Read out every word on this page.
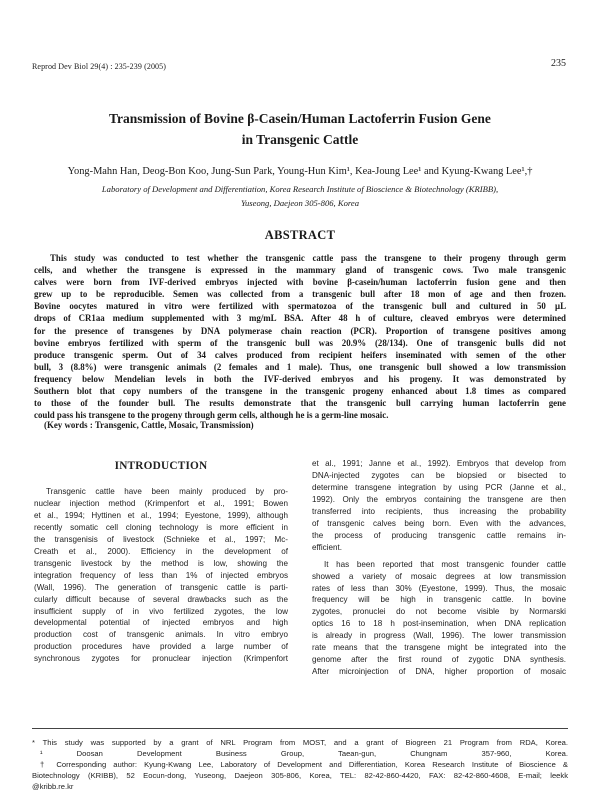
Reprod Dev Biol 29(4) : 235-239 (2005)	235
Transmission of Bovine β-Casein/Human Lactoferrin Fusion Gene
in Transgenic Cattle
Yong-Mahn Han, Deog-Bon Koo, Jung-Sun Park, Young-Hun Kim¹, Kea-Joung Lee¹ and Kyung-Kwang Lee¹,†
Laboratory of Development and Differentiation, Korea Research Institute of Bioscience & Biotechnology (KRIBB),
Yuseong, Daejeon 305-806, Korea
ABSTRACT
This study was conducted to test whether the transgenic cattle pass the transgene to their progeny through germ
cells, and whether the transgene is expressed in the mammary gland of transgenic cows. Two male transgenic
calves were born from IVF-derived embryos injected with bovine β-casein/human lactoferrin fusion gene and then
grew up to be reproducible. Semen was collected from a transgenic bull after 18 mon of age and then frozen.
Bovine oocytes matured in vitro were fertilized with spermatozoa of the transgenic bull and cultured in 50 μL
drops of CR1aa medium supplemented with 3 mg/mL BSA. After 48 h of culture, cleaved embryos were determined
for the presence of transgenes by DNA polymerase chain reaction (PCR). Proportion of transgene positives among
bovine embryos fertilized with sperm of the transgenic bull was 20.9% (28/134). One of transgenic bulls did not
produce transgenic sperm. Out of 34 calves produced from recipient heifers inseminated with semen of the other
bull, 3 (8.8%) were transgenic animals (2 females and 1 male). Thus, one transgenic bull showed a low transmission
frequency below Mendelian levels in both the IVF-derived embryos and his progeny. It was demonstrated by
Southern blot that copy numbers of the transgene in the transgenic progeny enhanced about 1.8 times as compared
to those of the founder bull. The results demonstrate that the transgenic bull carrying human lactoferrin gene
could pass his transgene to the progeny through germ cells, although he is a germ-line mosaic.
(Key words : Transgenic, Cattle, Mosaic, Transmission)
INTRODUCTION
Transgenic cattle have been mainly produced by pro-
nuclear injection method (Krimpenfort et al., 1991; Bowen
et al., 1994; Hyttinen et al., 1994; Eyestone, 1999), although
recently somatic cell cloning technology is more efficient in
the transgenisis of livestock (Schnieke et al., 1997; Mc-
Creath et al., 2000). Efficiency in the development of
transgenic livestock by the method is low, showing the
integration frequency of less than 1% of injected embryos
(Wall, 1996). The generation of transgenic cattle is parti-
cularly difficult because of several drawbacks such as the
insufficient supply of in vivo fertilized zygotes, the low
developmental potential of injected embryos and high
production cost of transgenic animals. In vitro embryo
production procedures have provided a large number of
synchronous zygotes for pronuclear injection (Krimpenfort
et al., 1991; Janne et al., 1992). Embryos that develop from
DNA-injected zygotes can be biopsied or bisected to
determine transgene integration by using PCR (Janne et al.,
1992). Only the embryos containing the transgene are then
transferred into recipients, thus increasing the probability
of transgenic calves being born. Even with the advances,
the process of producing transgenic cattle remains in-
efficient.
It has been reported that most transgenic founder cattle
showed a variety of mosaic degrees at low transmission
rates of less than 30% (Eyestone, 1999). Thus, the mosaic
frequency will be high in transgenic cattle. In bovine
zygotes, pronuclei do not become visible by Normarski
optics 16 to 18 h post-insemination, when DNA replication
is already in progress (Wall, 1996). The lower transmission
rate means that the transgene might be integrated into the
genome after the first round of zygotic DNA synthesis.
After microinjection of DNA, higher proportion of mosaic
* This study was supported by a grant of NRL Program from MOST, and a grant of Biogreen 21 Program from RDA, Korea.
¹ Doosan Development Business Group, Taean-gun, Chungnam 357-960, Korea.
† Corresponding author: Kyung-Kwang Lee, Laboratory of Development and Differentiation, Korea Research Institute of Bioscience &
Biotechnology (KRIBB), 52 Eocun-dong, Yuseong, Daejeon 305-806, Korea, TEL: 82-42-860-4420, FAX: 82-42-860-4608, E-mail; leekk
@kribb.re.kr
